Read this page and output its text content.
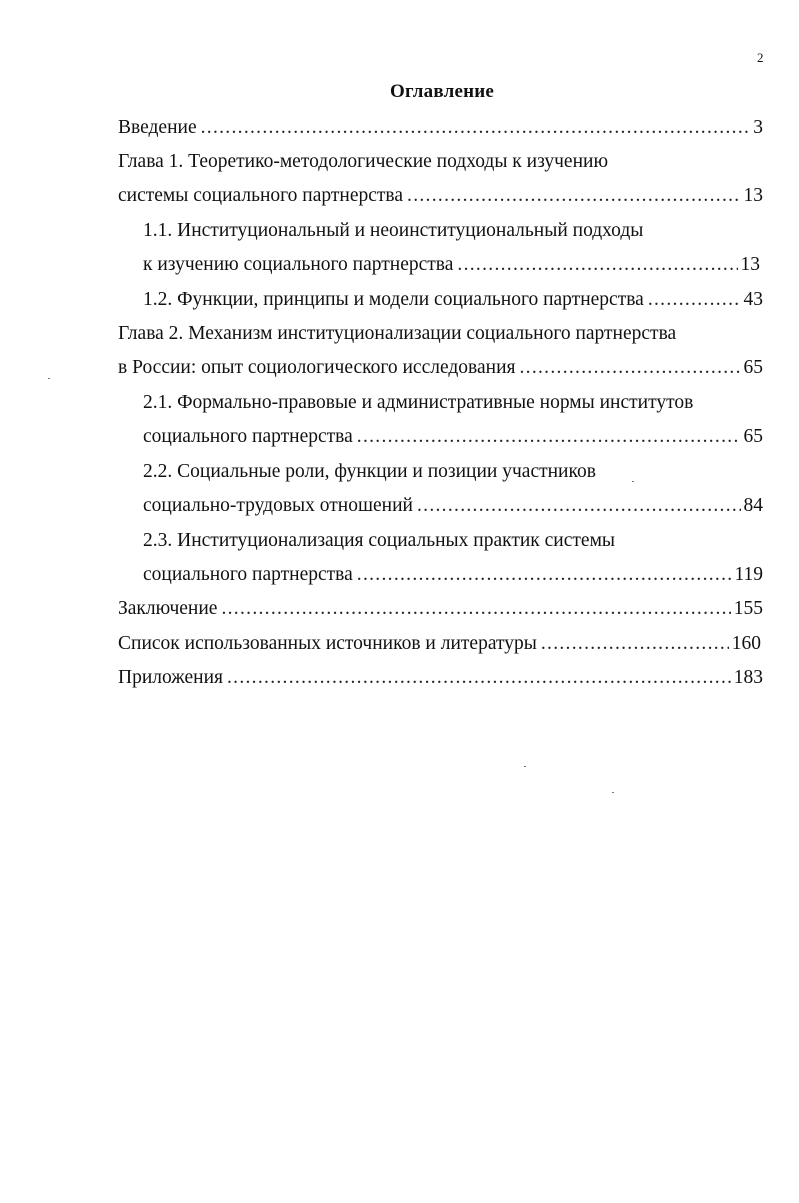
2
Оглавление
Введение .....	3
Глава 1. Теоретико-методологические подходы к изучению
системы социального партнерства .....	13
1.1. Институциональный и неоинституциональный подходы
к изучению социального партнерства .....	13
1.2. Функции, принципы и модели социального партнерства .....	43
Глава 2. Механизм институционализации социального партнерства
в России: опыт социологического исследования .....	65
2.1. Формально-правовые и административные нормы институтов
социального партнерства .....	65
2.2. Социальные роли, функции и позиции участников
социально-трудовых отношений .....	84
2.3. Институционализация социальных практик системы
социального партнерства .....	119
Заключение .....	155
Список использованных источников и литературы .....	160
Приложения .....	183
